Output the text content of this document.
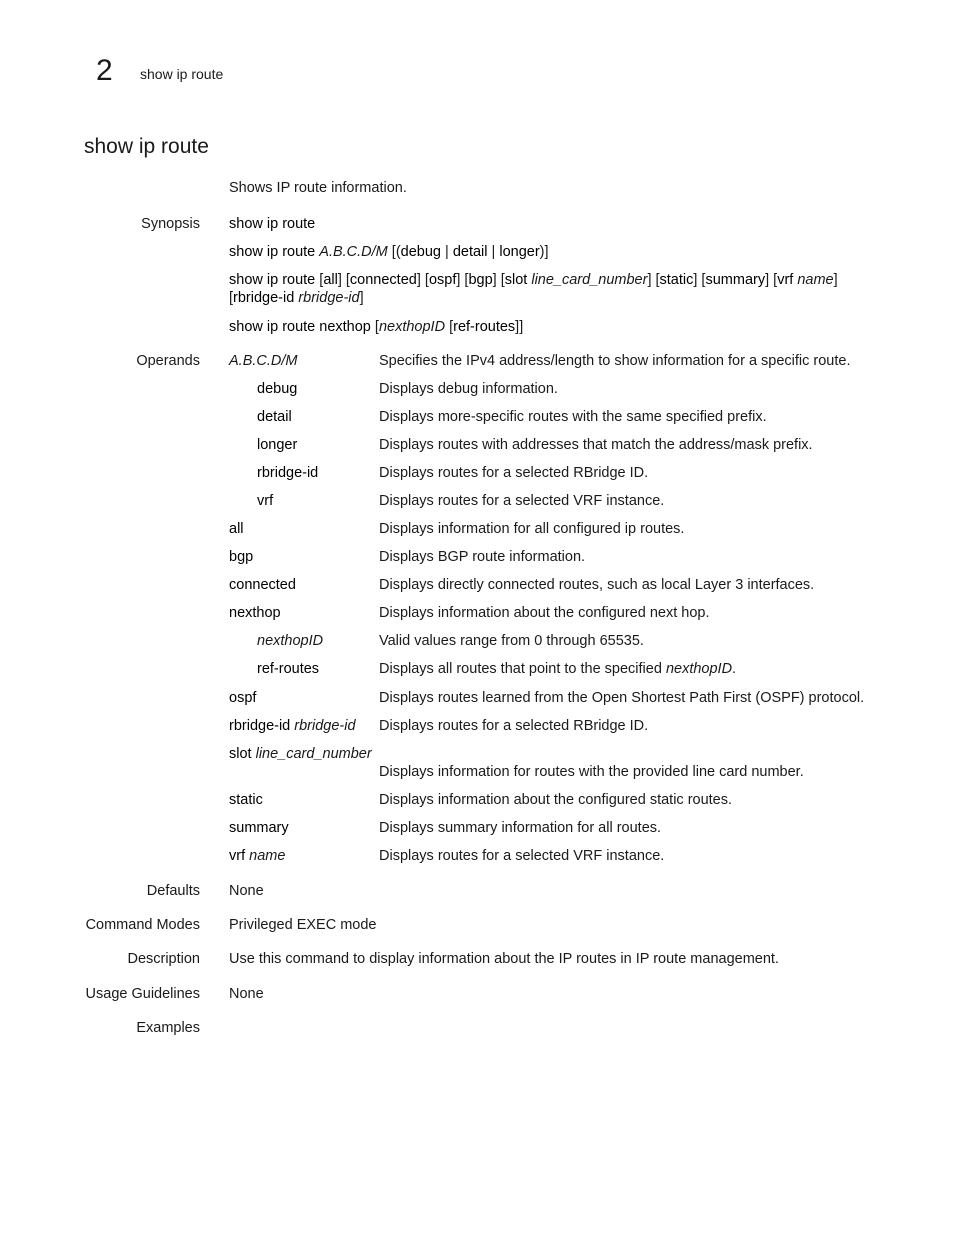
2 show ip route
show ip route
Shows IP route information.
Synopsis show ip route
show ip route A.B.C.D/M [(debug | detail | longer)]
show ip route [all] [connected] [ospf] [bgp] [slot line_card_number] [static] [summary] [vrf name]
[rbridge-id rbridge-id]
show ip route nexthop [nexthopID [ref-routes]]
Operands A.B.C.D/M	Specifies the IPv4 address/length to show information for a specific route.
debug	Displays debug information.
detail	Displays more-specific routes with the same specified prefix.
longer	Displays routes with addresses that match the address/mask prefix.
rbridge-id	Displays routes for a selected RBridge ID.
vrf	Displays routes for a selected VRF instance.
all	Displays information for all configured ip routes.
bgp	Displays BGP route information.
connected	Displays directly connected routes, such as local Layer 3 interfaces.
nexthop	Displays information about the configured next hop.
nexthopID	Valid values range from 0 through 65535.
ref-routes	Displays all routes that point to the specified nexthopID.
ospf	Displays routes learned from the Open Shortest Path First (OSPF) protocol.
rbridge-id rbridge-id Displays routes for a selected RBridge ID.
slot line_card_number
Displays information for routes with the provided line card number.
static	Displays information about the configured static routes.
summary	Displays summary information for all routes.
vrf name	Displays routes for a selected VRF instance.
Defaults None
Command Modes Privileged EXEC mode
Description Use this command to display information about the IP routes in IP route management.
Usage Guidelines None
Examples
